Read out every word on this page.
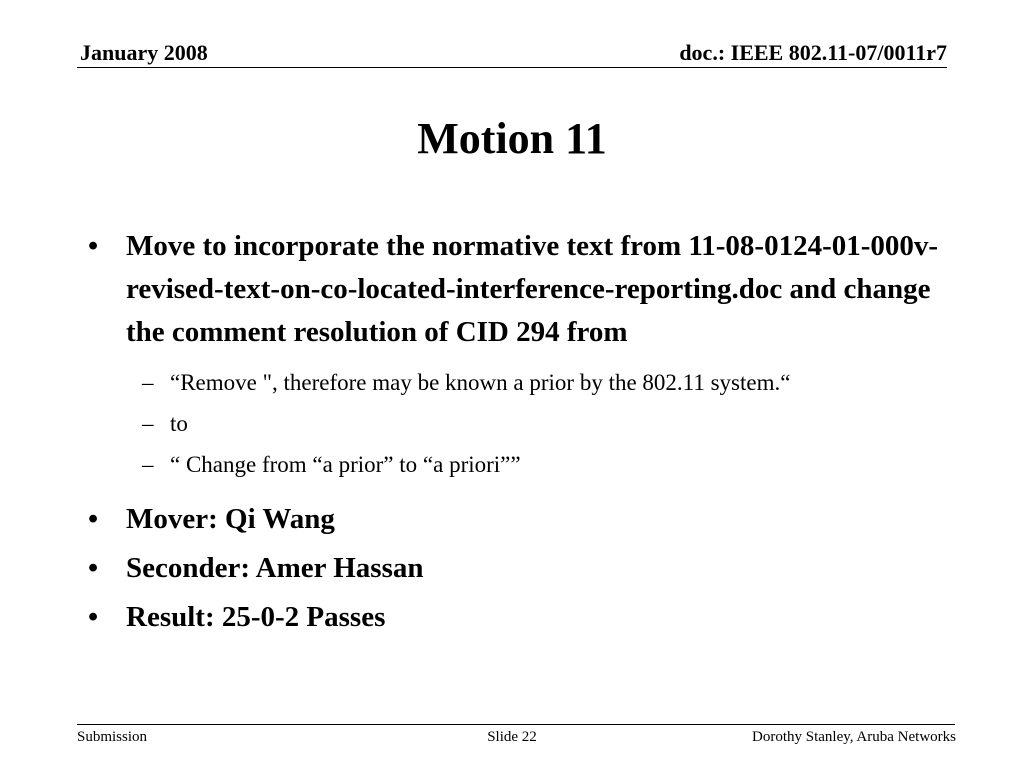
January 2008	doc.: IEEE 802.11-07/0011r7
Motion 11
• Move to incorporate the normative text from 11-08-0124-01-000v-revised-text-on-co-located-interference-reporting.doc and change the comment resolution of CID 294 from
– “Remove ", therefore may be known a prior by the 802.11 system.“
– to
– “ Change from “a prior” to “a priori””
• Mover: Qi Wang
• Seconder: Amer Hassan
• Result: 25-0-2 Passes
Submission	Slide 22	Dorothy Stanley, Aruba Networks
